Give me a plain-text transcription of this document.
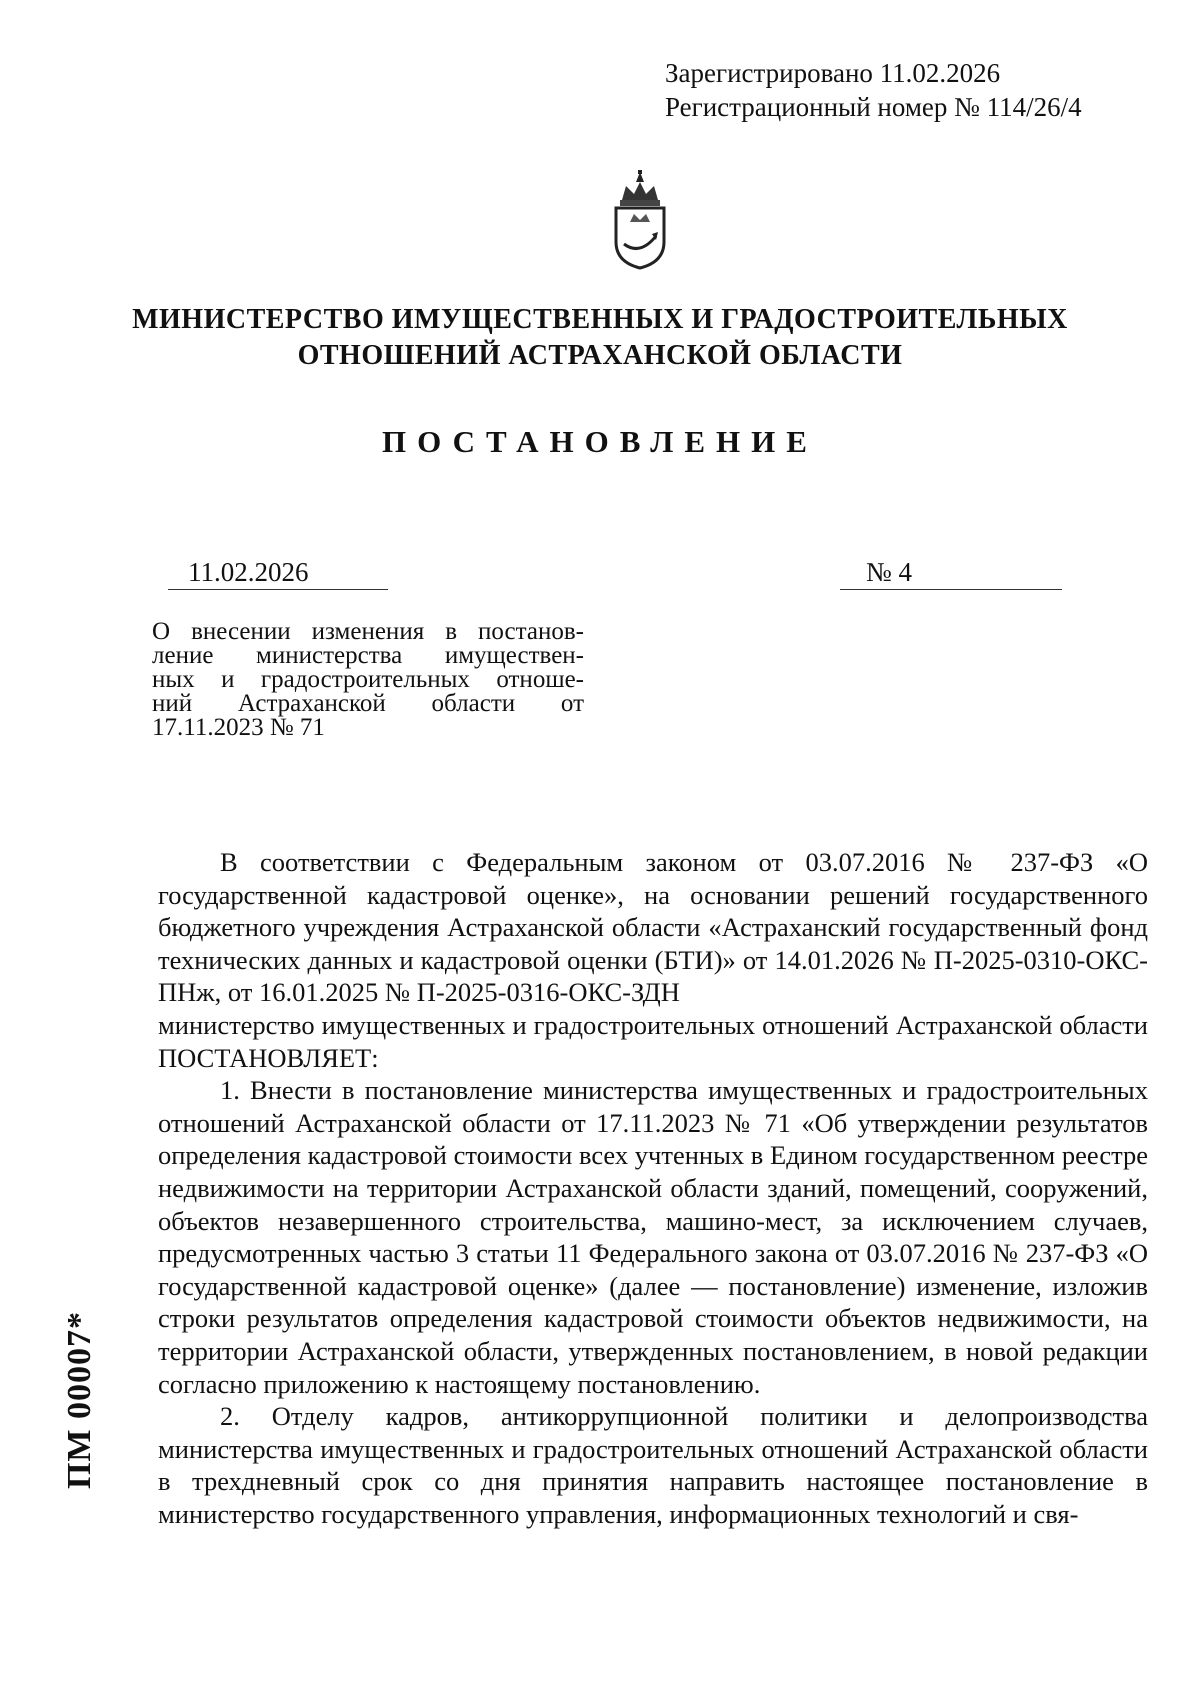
Зарегистрировано 11.02.2026
Регистрационный номер № 114/26/4
МИНИСТЕРСТВО ИМУЩЕСТВЕННЫХ И ГРАДОСТРОИТЕЛЬНЫХ
ОТНОШЕНИЙ АСТРАХАНСКОЙ ОБЛАСТИ
ПОСТАНОВЛЕНИЕ
11.02.2026	№ 4
О внесении изменения в постанов-
ление министерства имуществен-
ных и градостроительных отноше-
ний Астраханской области от
17.11.2023 № 71

В соответствии с Федеральным законом от 03.07.2016 № 237-ФЗ «О государственной кадастровой оценке», на основании решений государственного бюджетного учреждения Астраханской области «Астраханский государственный фонд технических данных и кадастровой оценки (БТИ)» от 14.01.2026 № П-2025-0310-ОКС-ПНж, от 16.01.2025 № П-2025-0316-ОКС-ЗДН

министерство имущественных и градостроительных отношений Астраханской области ПОСТАНОВЛЯЕТ:

1. Внести в постановление министерства имущественных и градостроительных отношений Астраханской области от 17.11.2023 № 71 «Об утверждении результатов определения кадастровой стоимости всех учтенных в Едином государственном реестре недвижимости на территории Астраханской области зданий, помещений, сооружений, объектов незавершенного строительства, машино-мест, за исключением случаев, предусмотренных частью 3 статьи 11 Федерального закона от 03.07.2016 № 237-ФЗ «О государственной кадастровой оценке» (далее — постановление) изменение, изложив строки результатов определения кадастровой стоимости объектов недвижимости, на территории Астраханской области, утвержденных постановлением, в новой редакции согласно приложению к настоящему постановлению.

2. Отделу кадров, антикоррупционной политики и делопроизводства министерства имущественных и градостроительных отношений Астраханской области в трехдневный срок со дня принятия направить настоящее постановление в министерство государственного управления, информационных технологий и свя-

ПМ 00007*
